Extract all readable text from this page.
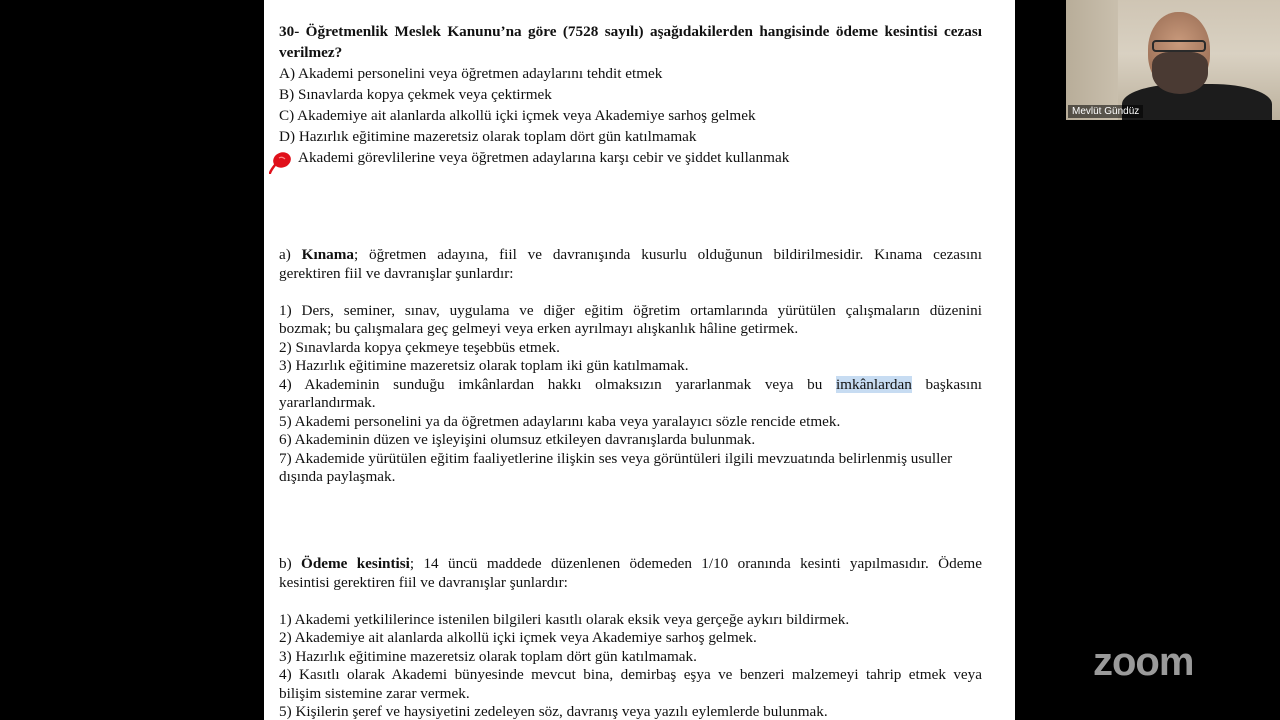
30- Öğretmenlik Meslek Kanunu’na göre (7528 sayılı) aşağıdakilerden hangisinde ödeme kesintisi cezası
verilmez?
A) Akademi personelini veya öğretmen adaylarını tehdit etmek
B) Sınavlarda kopya çekmek veya çektirmek
C) Akademiye ait alanlarda alkollü içki içmek veya Akademiye sarhoş gelmek
D) Hazırlık eğitimine mazeretsiz olarak toplam dört gün katılmamak
Akademi görevlilerine veya öğretmen adaylarına karşı cebir ve şiddet kullanmak
a) Kınama; öğretmen adayına, fiil ve davranışında kusurlu olduğunun bildirilmesidir. Kınama cezasını
gerektiren fiil ve davranışlar şunlardır:
1) Ders, seminer, sınav, uygulama ve diğer eğitim öğretim ortamlarında yürütülen çalışmaların düzenini
bozmak; bu çalışmalara geç gelmeyi veya erken ayrılmayı alışkanlık hâline getirmek.
2) Sınavlarda kopya çekmeye teşebbüs etmek.
3) Hazırlık eğitimine mazeretsiz olarak toplam iki gün katılmamak.
4) Akademinin sunduğu imkânlardan hakkı olmaksızın yararlanmak veya bu imkânlardan başkasını
yararlandırmak.
5) Akademi personelini ya da öğretmen adaylarını kaba veya yaralayıcı sözle rencide etmek.
6) Akademinin düzen ve işleyişini olumsuz etkileyen davranışlarda bulunmak.
7) Akademide yürütülen eğitim faaliyetlerine ilişkin ses veya görüntüleri ilgili mevzuatında belirlenmiş usuller
dışında paylaşmak.
b) Ödeme kesintisi; 14 üncü maddede düzenlenen ödemeden 1/10 oranında kesinti yapılmasıdır. Ödeme
kesintisi gerektiren fiil ve davranışlar şunlardır:
1) Akademi yetkililerince istenilen bilgileri kasıtlı olarak eksik veya gerçeğe aykırı bildirmek.
2) Akademiye ait alanlarda alkollü içki içmek veya Akademiye sarhoş gelmek.
3) Hazırlık eğitimine mazeretsiz olarak toplam dört gün katılmamak.
4) Kasıtlı olarak Akademi bünyesinde mevcut bina, demirbaş eşya ve benzeri malzemeyi tahrip etmek veya
bilişim sistemine zarar vermek.
5) Kişilerin şeref ve haysiyetini zedeleyen söz, davranış veya yazılı eylemlerde bulunmak.
Mevlüt Gündüz
zoom
